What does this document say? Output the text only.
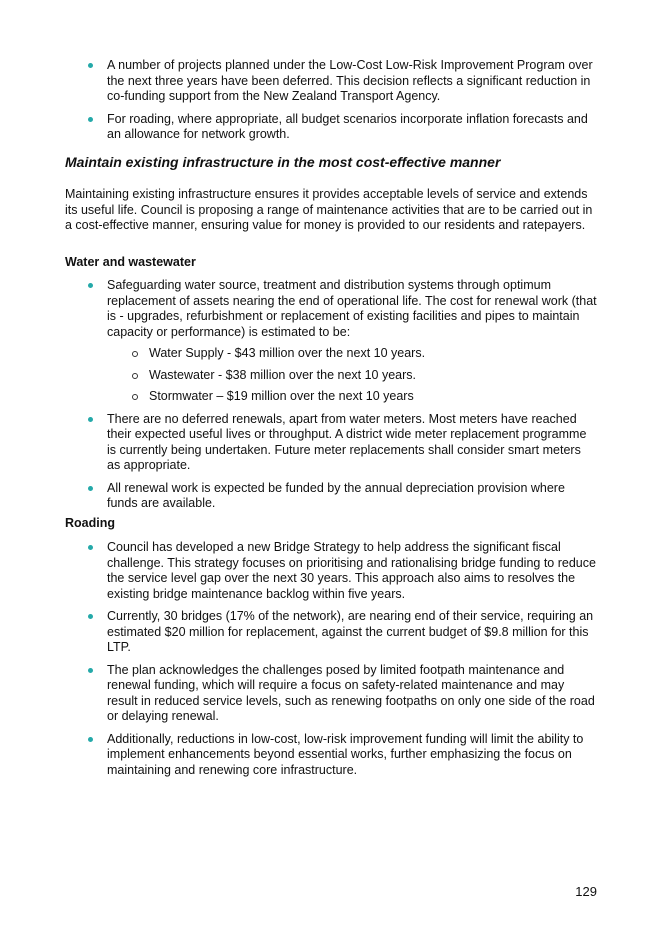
A number of projects planned under the Low-Cost Low-Risk Improvement Program over the next three years have been deferred. This decision reflects a significant reduction in co-funding support from the New Zealand Transport Agency.
For roading, where appropriate, all budget scenarios incorporate inflation forecasts and an allowance for network growth.
Maintain existing infrastructure in the most cost-effective manner
Maintaining existing infrastructure ensures it provides acceptable levels of service and extends its useful life. Council is proposing a range of maintenance activities that are to be carried out in a cost-effective manner, ensuring value for money is provided to our residents and ratepayers.
Water and wastewater
Safeguarding water source, treatment and distribution systems through optimum replacement of assets nearing the end of operational life. The cost for renewal work (that is - upgrades, refurbishment or replacement of existing facilities and pipes to maintain capacity or performance) is estimated to be:
Water Supply - $43 million over the next 10 years.
Wastewater - $38 million over the next 10 years.
Stormwater – $19 million over the next 10 years
There are no deferred renewals, apart from water meters. Most meters have reached their expected useful lives or throughput. A district wide meter replacement programme is currently being undertaken. Future meter replacements shall consider smart meters as appropriate.
All renewal work is expected be funded by the annual depreciation provision where funds are available.
Roading
Council has developed a new Bridge Strategy to help address the significant fiscal challenge. This strategy focuses on prioritising and rationalising bridge funding to reduce the service level gap over the next 30 years. This approach also aims to resolves the existing bridge maintenance backlog within five years.
Currently, 30 bridges (17% of the network), are nearing end of their service, requiring an estimated $20 million for replacement, against the current budget of $9.8 million for this LTP.
The plan acknowledges the challenges posed by limited footpath maintenance and renewal funding, which will require a focus on safety-related maintenance and may result in reduced service levels, such as renewing footpaths on only one side of the road or delaying renewal.
Additionally, reductions in low-cost, low-risk improvement funding will limit the ability to implement enhancements beyond essential works, further emphasizing the focus on maintaining and renewing core infrastructure.
129
